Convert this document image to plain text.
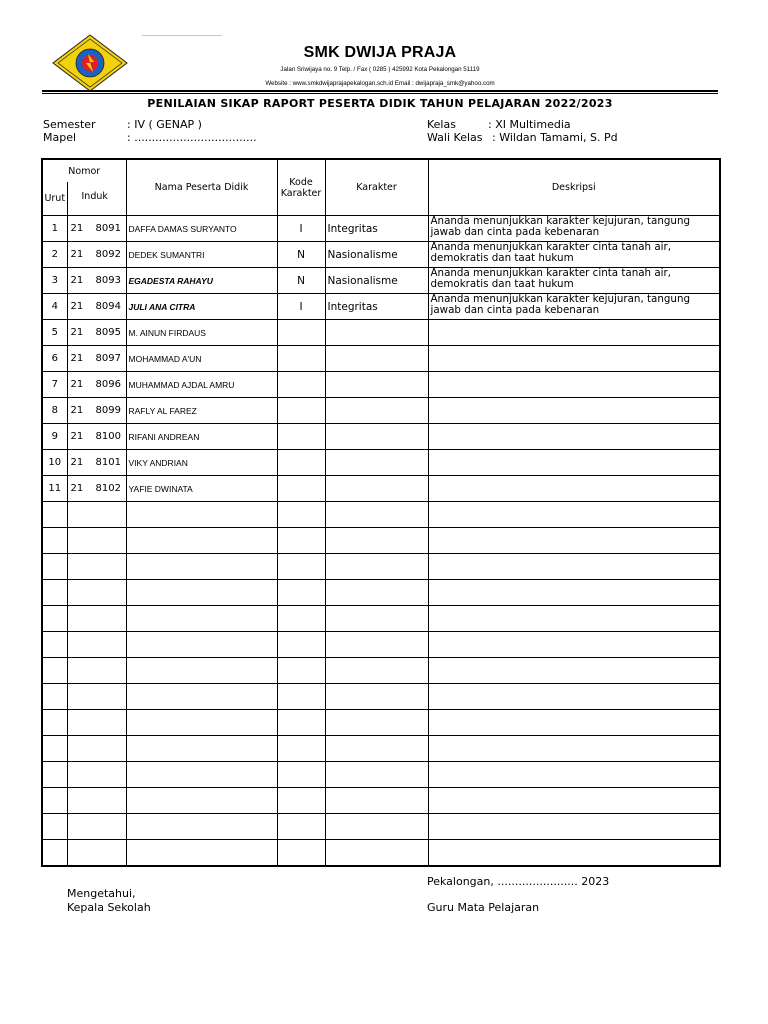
SMK DWIJA PRAJA
Jalan Sriwijaya no. 9 Telp. / Fax ( 0285 ) 425992 Kota Pekalongan 51119
Website : www.smkdwijaprajapekalogan.sch.id Email : dwijapraja_smk@yahoo.com
PENILAIAN SIKAP RAPORT PESERTA DIDIK TAHUN PELAJARAN 2022/2023
Semester	: IV ( GENAP )
Mapel	: ...................................
Kelas	: XI Multimedia
Wali Kelas : Wildan Tamami, S. Pd
Nomor		Nama Peserta Didik	Kode Karakter	Karakter	Deskripsi
Urut	Induk				
1	21 8091	DAFFA DAMAS SURYANTO	I	Integritas	Ananda menunjukkan karakter kejujuran, tangung jawab dan cinta pada kebenaran
2	21 8092	DEDEK SUMANTRI	N	Nasionalisme	Ananda menunjukkan karakter cinta tanah air, demokratis dan taat hukum
3	21 8093	EGADESTA RAHAYU	N	Nasionalisme	Ananda menunjukkan karakter cinta tanah air, demokratis dan taat hukum
4	21 8094	JULI ANA CITRA	I	Integritas	Ananda menunjukkan karakter kejujuran, tangung jawab dan cinta pada kebenaran
5	21 8095	M. AINUN FIRDAUS			
6	21 8097	MOHAMMAD A'UN			
7	21 8096	MUHAMMAD AJDAL AMRU			
8	21 8099	RAFLY AL FAREZ			
9	21 8100	RIFANI ANDREAN			
10	21 8101	VIKY ANDRIAN			
11	21 8102	YAFIE DWINATA			

Pekalongan, ....................... 2023
Mengetahui,
Kepala Sekolah	Guru Mata Pelajaran
